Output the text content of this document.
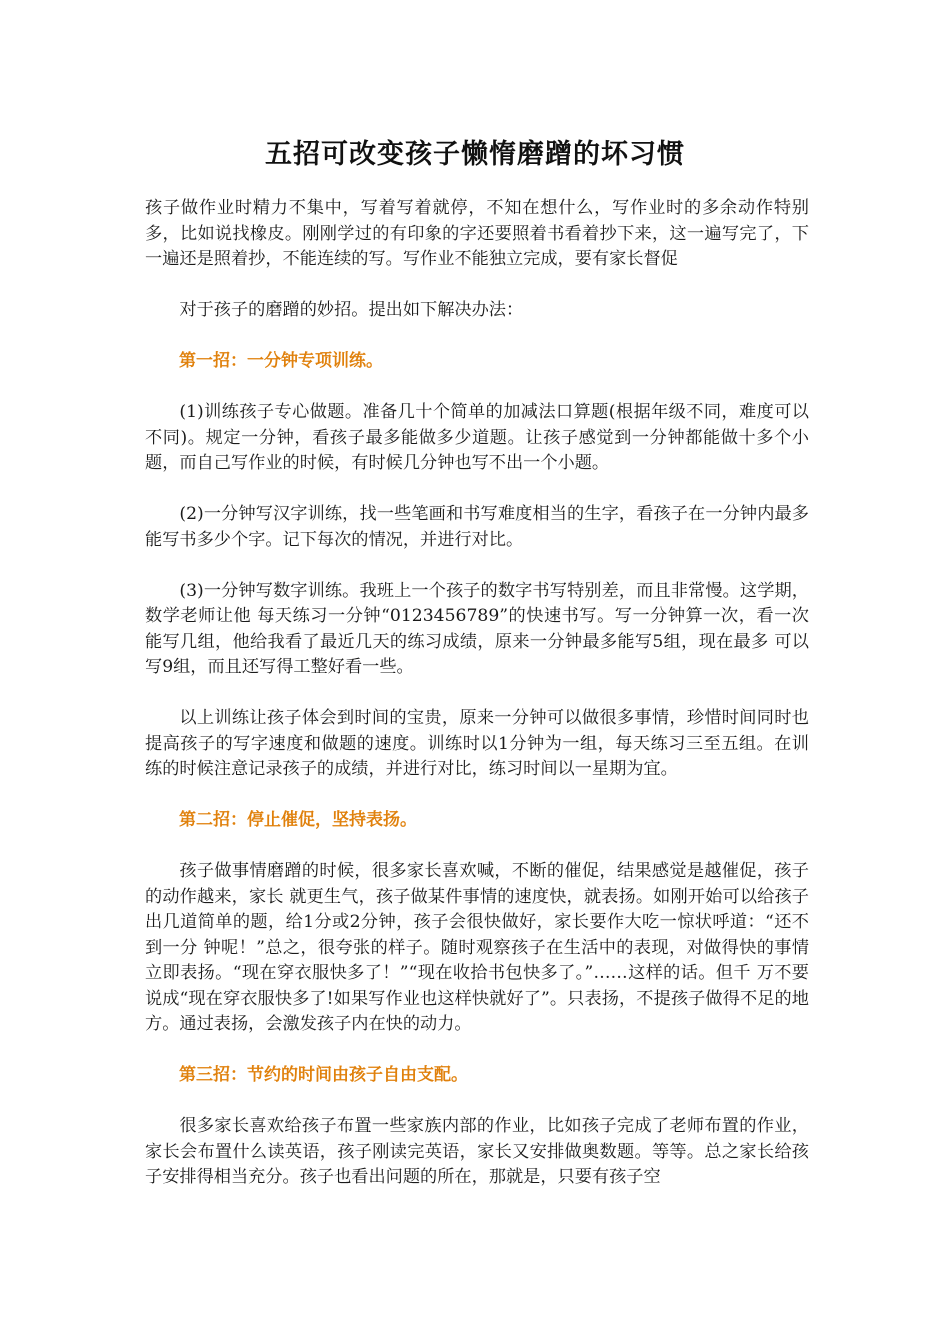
五招可改变孩子懒惰磨蹭的坏习惯

孩子做作业时精力不集中，写着写着就停，不知在想什么，写作业时的多余动作特别多，比如说找橡皮。刚刚学过的有印象的字还要照着书看着抄下来，这一遍写完了，下一遍还是照着抄，不能连续的写。写作业不能独立完成，要有家长督促

对于孩子的磨蹭的妙招。提出如下解决办法：

第一招：一分钟专项训练。

(1)训练孩子专心做题。准备几十个简单的加减法口算题(根据年级不同，难度可以不同)。规定一分钟，看孩子最多能做多少道题。让孩子感觉到一分钟都能做十多个小题，而自己写作业的时候，有时候几分钟也写不出一个小题。

(2)一分钟写汉字训练，找一些笔画和书写难度相当的生字，看孩子在一分钟内最多能写书多少个字。记下每次的情况，并进行对比。

(3)一分钟写数字训练。我班上一个孩子的数字书写特别差，而且非常慢。这学期，数学老师让他 每天练习一分钟“0123456789”的快速书写。写一分钟算一次，看一次能写几组，他给我看了最近几天的练习成绩，原来一分钟最多能写5组，现在最多 可以写9组，而且还写得工整好看一些。

以上训练让孩子体会到时间的宝贵，原来一分钟可以做很多事情，珍惜时间同时也提高孩子的写字速度和做题的速度。训练时以1分钟为一组，每天练习三至五组。在训练的时候注意记录孩子的成绩，并进行对比，练习时间以一星期为宜。

第二招：停止催促，坚持表扬。

孩子做事情磨蹭的时候，很多家长喜欢喊，不断的催促，结果感觉是越催促，孩子的动作越来，家长 就更生气，孩子做某件事情的速度快，就表扬。如刚开始可以给孩子出几道简单的题，给1分或2分钟，孩子会很快做好，家长要作大吃一惊状呼道：“还不到一分 钟呢！”总之，很夸张的样子。随时观察孩子在生活中的表现，对做得快的事情立即表扬。“现在穿衣服快多了！”“现在收拾书包快多了。”……这样的话。但千 万不要说成“现在穿衣服快多了!如果写作业也这样快就好了”。只表扬，不提孩子做得不足的地方。通过表扬，会激发孩子内在快的动力。

第三招：节约的时间由孩子自由支配。

很多家长喜欢给孩子布置一些家族内部的作业，比如孩子完成了老师布置的作业，家长会布置什么读英语，孩子刚读完英语，家长又安排做奥数题。等等。总之家长给孩子安排得相当充分。孩子也看出问题的所在，那就是，只要有孩子空
